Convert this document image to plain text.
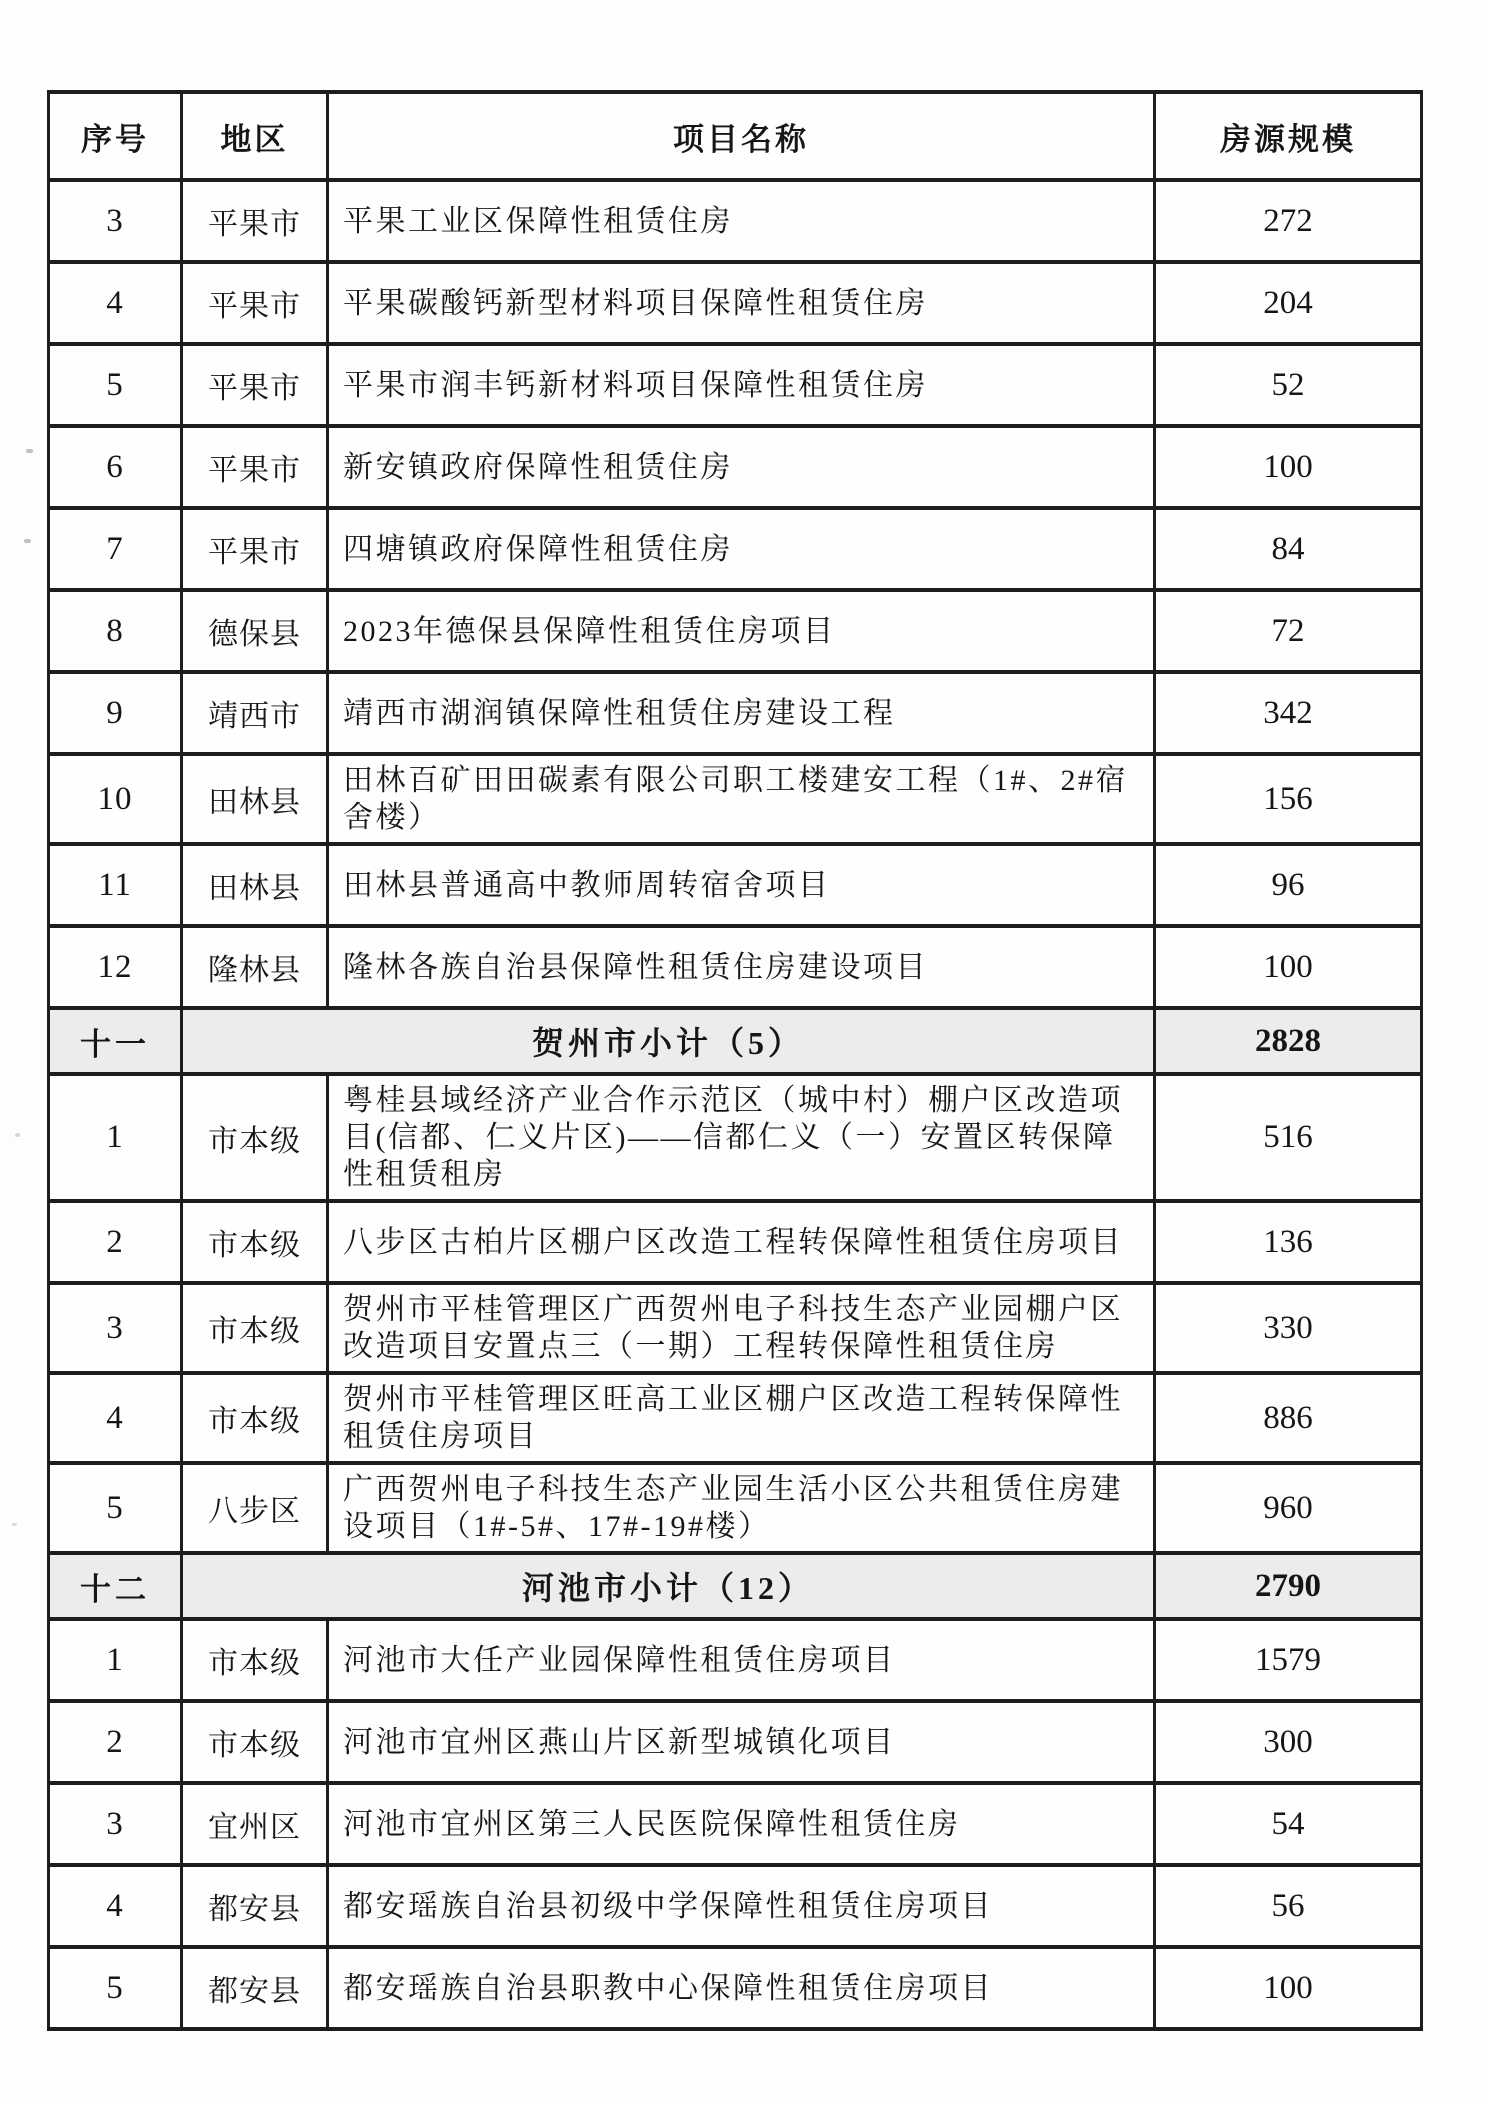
序号	地区	项目名称	房源规模
3	平果市	平果工业区保障性租赁住房	272
4	平果市	平果碳酸钙新型材料项目保障性租赁住房	204
5	平果市	平果市润丰钙新材料项目保障性租赁住房	52
6	平果市	新安镇政府保障性租赁住房	100
7	平果市	四塘镇政府保障性租赁住房	84
8	德保县	2023年德保县保障性租赁住房项目	72
9	靖西市	靖西市湖润镇保障性租赁住房建设工程	342
10	田林县	田林百矿田田碳素有限公司职工楼建安工程（1#、2#宿舍楼）	156
11	田林县	田林县普通高中教师周转宿舍项目	96
12	隆林县	隆林各族自治县保障性租赁住房建设项目	100
十一	贺州市小计（5）		2828
1	市本级	粤桂县域经济产业合作示范区（城中村）棚户区改造项目(信都、仁义片区)——信都仁义（一）安置区转保障性租赁租房	516
2	市本级	八步区古柏片区棚户区改造工程转保障性租赁住房项目	136
3	市本级	贺州市平桂管理区广西贺州电子科技生态产业园棚户区改造项目安置点三（一期）工程转保障性租赁住房	330
4	市本级	贺州市平桂管理区旺高工业区棚户区改造工程转保障性租赁住房项目	886
5	八步区	广西贺州电子科技生态产业园生活小区公共租赁住房建设项目（1#-5#、17#-19#楼）	960
十二	河池市小计（12）		2790
1	市本级	河池市大任产业园保障性租赁住房项目	1579
2	市本级	河池市宜州区燕山片区新型城镇化项目	300
3	宜州区	河池市宜州区第三人民医院保障性租赁住房	54
4	都安县	都安瑶族自治县初级中学保障性租赁住房项目	56
5	都安县	都安瑶族自治县职教中心保障性租赁住房项目	100
